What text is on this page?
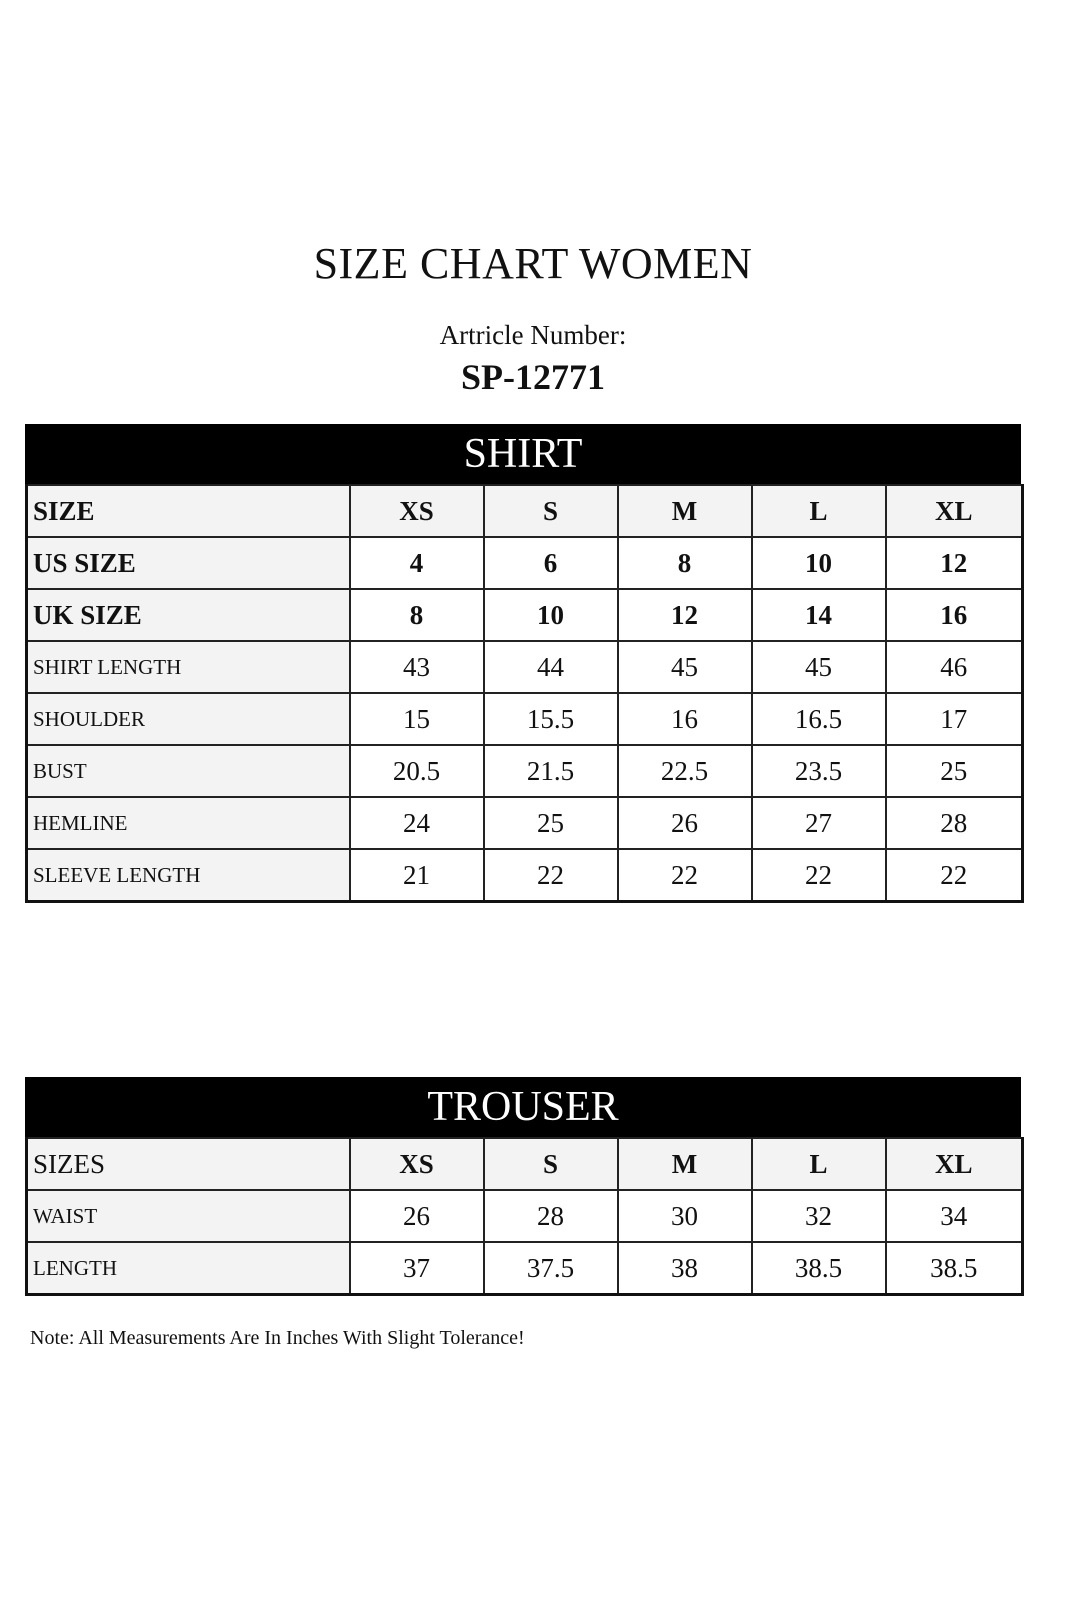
SIZE CHART WOMEN
Artricle Number:
SP-12771
SHIRT
SIZE	XS	S	M	L	XL
US SIZE	4	6	8	10	12
UK SIZE	8	10	12	14	16
SHIRT LENGTH	43	44	45	45	46
SHOULDER	15	15.5	16	16.5	17
BUST	20.5	21.5	22.5	23.5	25
HEMLINE	24	25	26	27	28
SLEEVE LENGTH	21	22	22	22	22
TROUSER
SIZES	XS	S	M	L	XL
WAIST	26	28	30	32	34
LENGTH	37	37.5	38	38.5	38.5
Note: All Measurements Are In Inches With Slight Tolerance!
